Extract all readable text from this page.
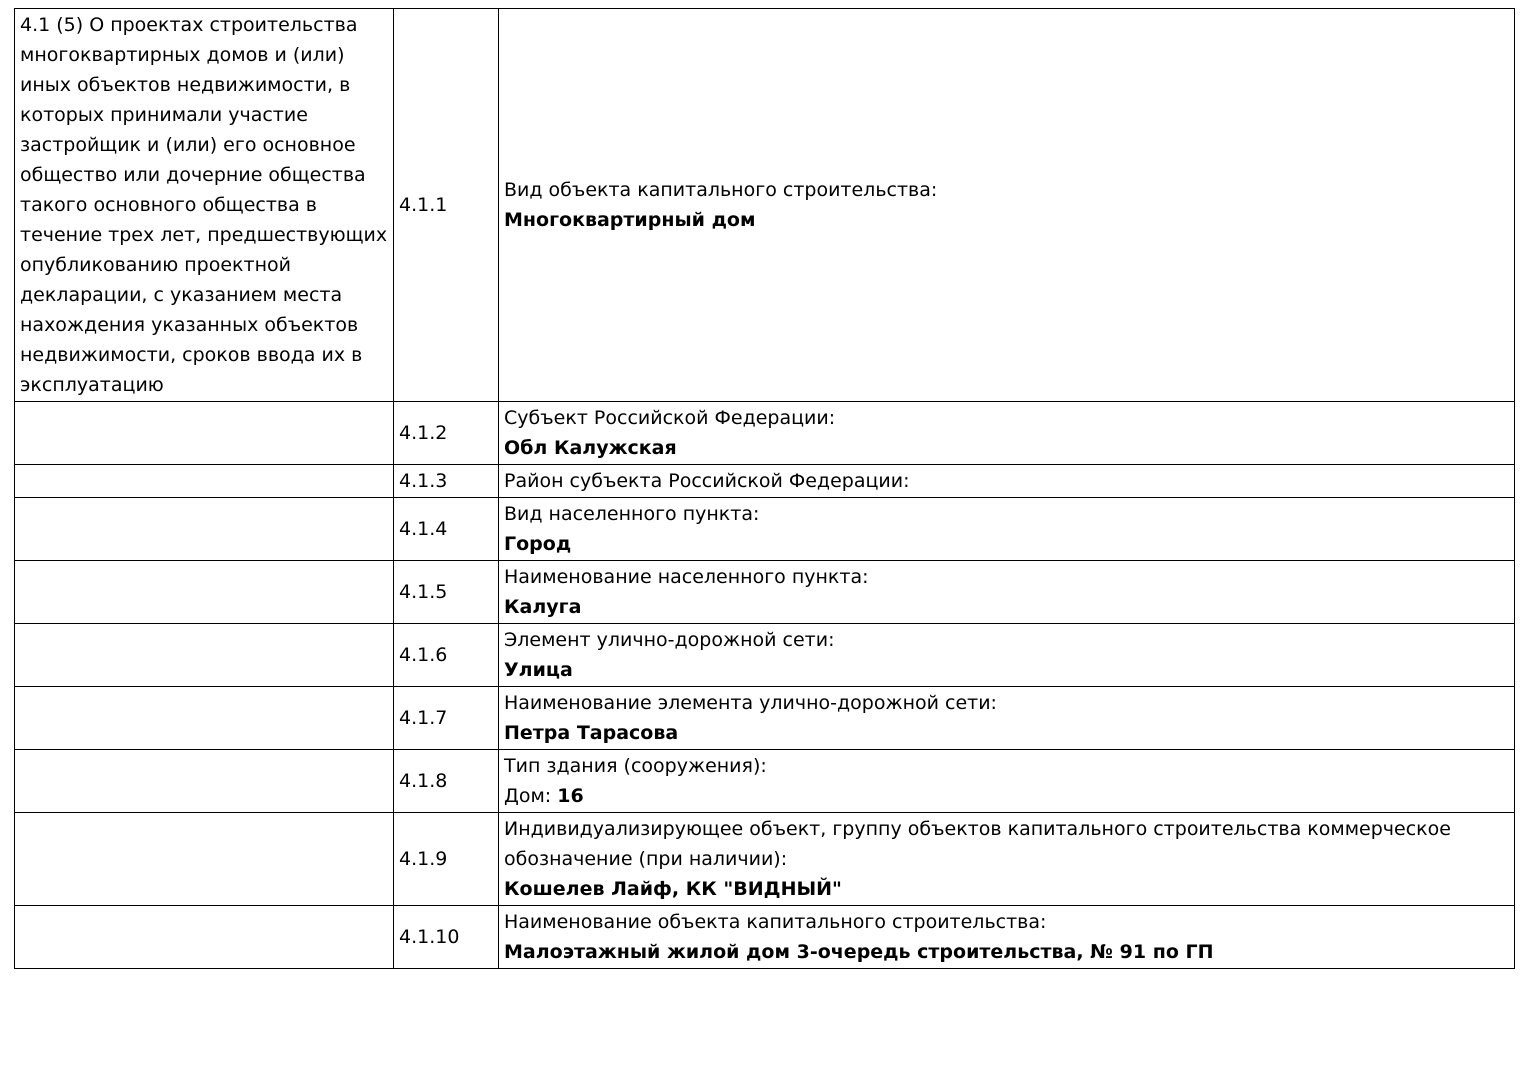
4.1 (5) О проектах строительства многоквартирных домов и (или) иных объектов недвижимости, в которых принимали участие застройщик и (или) его основное общество или дочерние общества такого основного общества в течение трех лет, предшествующих опубликованию проектной декларации, с указанием места нахождения указанных объектов недвижимости, сроков ввода их в эксплуатацию	4.1.1	Вид объекта капитального строительства:
Многоквартирный дом

	4.1.2	Субъект Российской Федерации:
Обл Калужская

	4.1.3	Район субъекта Российской Федерации:

	4.1.4	Вид населенного пункта:
Город

	4.1.5	Наименование населенного пункта:
Калуга

	4.1.6	Элемент улично-дорожной сети:
Улица

	4.1.7	Наименование элемента улично-дорожной сети:
Петра Тарасова

	4.1.8	Тип здания (сооружения):
Дом: 16

	4.1.9	Индивидуализирующее объект, группу объектов капитального строительства коммерческое обозначение (при наличии):
Кошелев Лайф, КК "ВИДНЫЙ"

	4.1.10	Наименование объекта капитального строительства:
Малоэтажный жилой дом 3-очередь строительства, № 91 по ГП
